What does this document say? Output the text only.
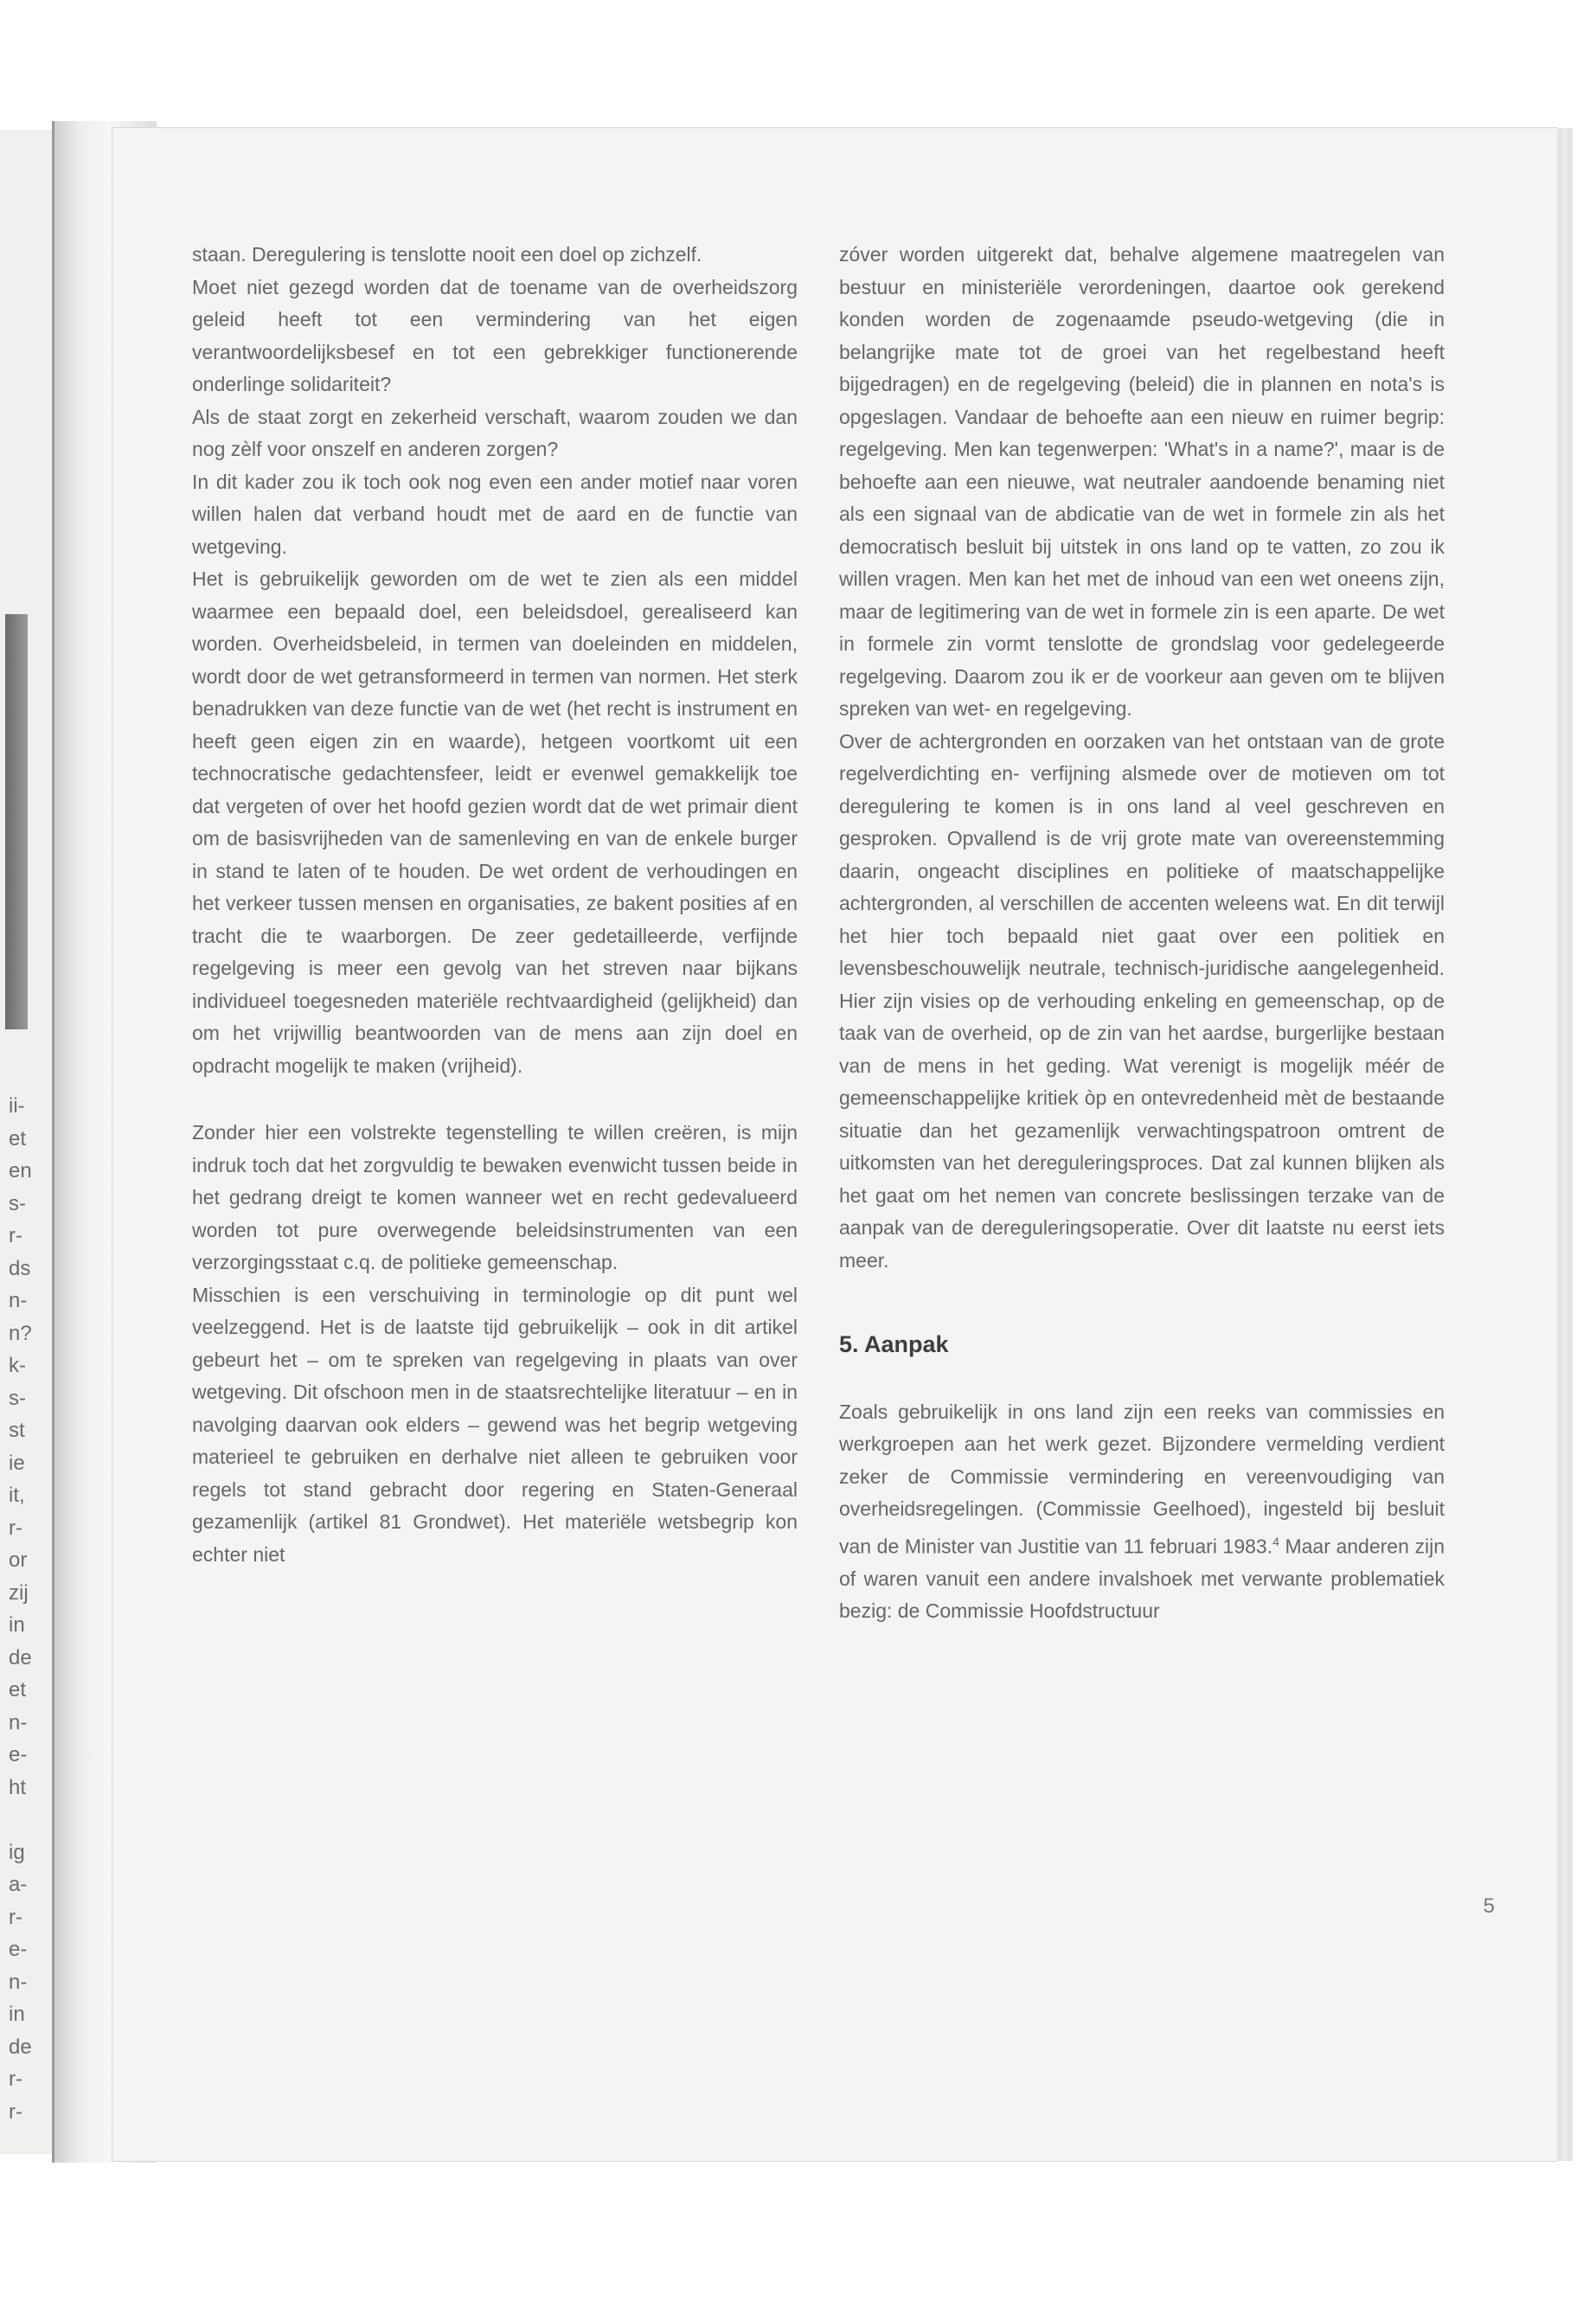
ii-
et
en
s-
r-
ds
n-
n?
k-
s-
st
ie
it,
r-
or
zij
in
de
et
n-
e-
ht
ig
a-
r-
e-
n-
in
de
r-
r-

staan. Deregulering is tenslotte nooit een doel op zichzelf.

Moet niet gezegd worden dat de toename van de overheidszorg geleid heeft tot een vermindering van het eigen verantwoordelijksbesef en tot een gebrekkiger functionerende onderlinge solidariteit?

Als de staat zorgt en zekerheid verschaft, waarom zouden we dan nog zèlf voor onszelf en anderen zorgen?

In dit kader zou ik toch ook nog even een ander motief naar voren willen halen dat verband houdt met de aard en de functie van wetgeving.

Het is gebruikelijk geworden om de wet te zien als een middel waarmee een bepaald doel, een beleidsdoel, gerealiseerd kan worden. Overheidsbeleid, in termen van doeleinden en middelen, wordt door de wet getransformeerd in termen van normen. Het sterk benadrukken van deze functie van de wet (het recht is instrument en heeft geen eigen zin en waarde), hetgeen voortkomt uit een technocratische gedachtensfeer, leidt er evenwel gemakkelijk toe dat vergeten of over het hoofd gezien wordt dat de wet primair dient om de basisvrijheden van de samenleving en van de enkele burger in stand te laten of te houden. De wet ordent de verhoudingen en het verkeer tussen mensen en organisaties, ze bakent posities af en tracht die te waarborgen. De zeer gedetailleerde, verfijnde regelgeving is meer een gevolg van het streven naar bijkans individueel toegesneden materiële rechtvaardigheid (gelijkheid) dan om het vrijwillig beantwoorden van de mens aan zijn doel en opdracht mogelijk te maken (vrijheid).

Zonder hier een volstrekte tegenstelling te willen creëren, is mijn indruk toch dat het zorgvuldig te bewaken evenwicht tussen beide in het gedrang dreigt te komen wanneer wet en recht gedevalueerd worden tot pure overwegende beleidsinstrumenten van een verzorgingsstaat c.q. de politieke gemeenschap.

Misschien is een verschuiving in terminologie op dit punt wel veelzeggend. Het is de laatste tijd gebruikelijk – ook in dit artikel gebeurt het – om te spreken van regelgeving in plaats van over wetgeving. Dit ofschoon men in de staatsrechtelijke literatuur – en in navolging daarvan ook elders – gewend was het begrip wetgeving materieel te gebruiken en derhalve niet alleen te gebruiken voor regels tot stand gebracht door regering en Staten-Generaal gezamenlijk (artikel 81 Grondwet). Het materiële wetsbegrip kon echter niet

zóver worden uitgerekt dat, behalve algemene maatregelen van bestuur en ministeriële verordeningen, daartoe ook gerekend konden worden de zogenaamde pseudo-wetgeving (die in belangrijke mate tot de groei van het regelbestand heeft bijgedragen) en de regelgeving (beleid) die in plannen en nota's is opgeslagen. Vandaar de behoefte aan een nieuw en ruimer begrip: regelgeving. Men kan tegenwerpen: 'What's in a name?', maar is de behoefte aan een nieuwe, wat neutraler aandoende benaming niet als een signaal van de abdicatie van de wet in formele zin als het democratisch besluit bij uitstek in ons land op te vatten, zo zou ik willen vragen. Men kan het met de inhoud van een wet oneens zijn, maar de legitimering van de wet in formele zin is een aparte. De wet in formele zin vormt tenslotte de grondslag voor gedelegeerde regelgeving. Daarom zou ik er de voorkeur aan geven om te blijven spreken van wet- en regelgeving.

Over de achtergronden en oorzaken van het ontstaan van de grote regelverdichting en- verfijning alsmede over de motieven om tot deregulering te komen is in ons land al veel geschreven en gesproken. Opvallend is de vrij grote mate van overeenstemming daarin, ongeacht disciplines en politieke of maatschappelijke achtergronden, al verschillen de accenten weleens wat. En dit terwijl het hier toch bepaald niet gaat over een politiek en levensbeschouwelijk neutrale, technisch-juridische aangelegenheid. Hier zijn visies op de verhouding enkeling en gemeenschap, op de taak van de overheid, op de zin van het aardse, burgerlijke bestaan van de mens in het geding. Wat verenigt is mogelijk méér de gemeenschappelijke kritiek òp en ontevredenheid mèt de bestaande situatie dan het gezamenlijk verwachtingspatroon omtrent de uitkomsten van het dereguleringsproces. Dat zal kunnen blijken als het gaat om het nemen van concrete beslissingen terzake van de aanpak van de dereguleringsoperatie. Over dit laatste nu eerst iets meer.

5. Aanpak

Zoals gebruikelijk in ons land zijn een reeks van commissies en werkgroepen aan het werk gezet. Bijzondere vermelding verdient zeker de Commissie vermindering en vereenvoudiging van overheidsregelingen. (Commissie Geelhoed), ingesteld bij besluit van de Minister van Justitie van 11 februari 1983.$^4$ Maar anderen zijn of waren vanuit een andere invalshoek met verwante problematiek bezig: de Commissie Hoofdstructuur

5
